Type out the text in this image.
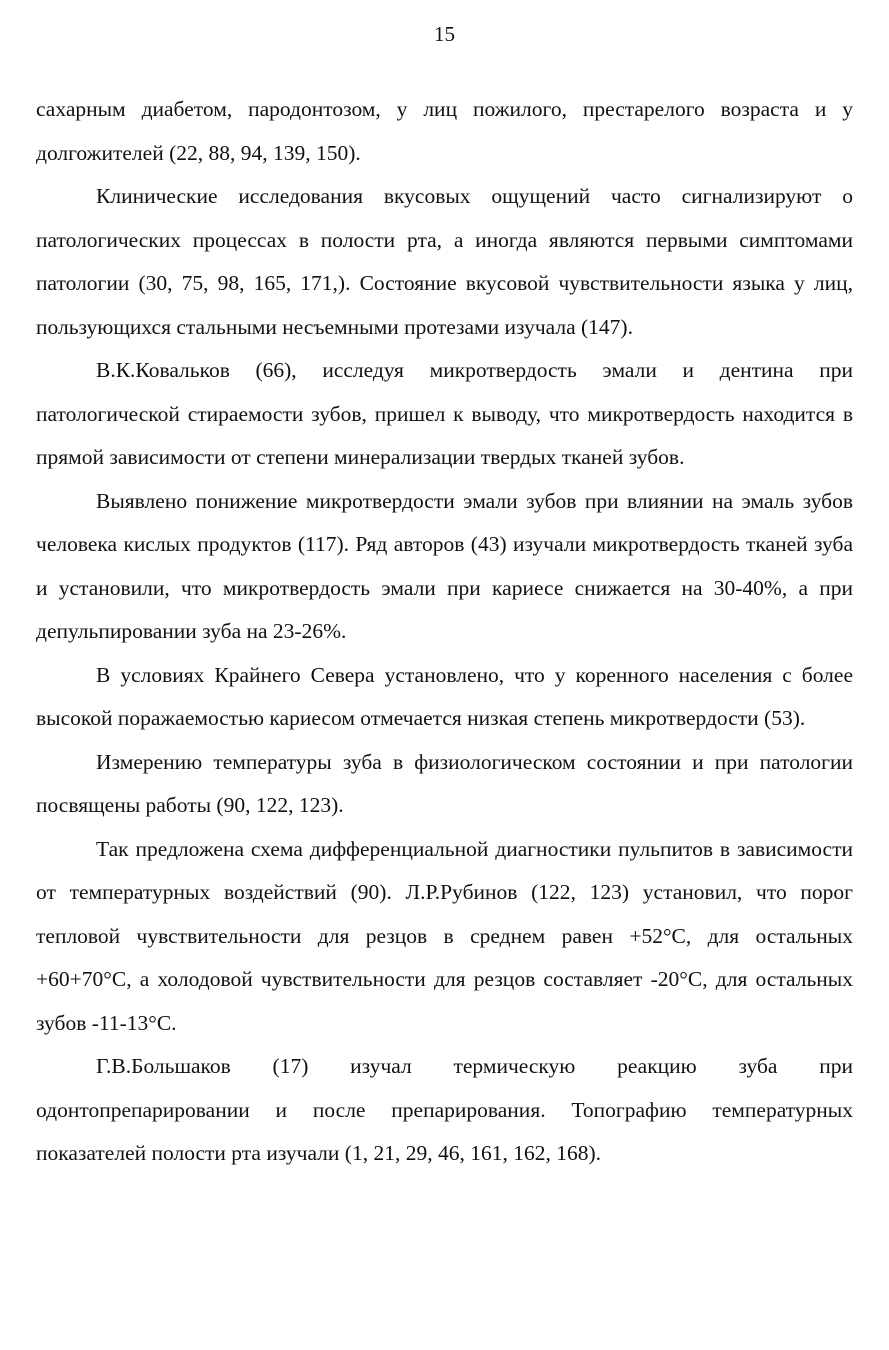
15

сахарным диабетом, пародонтозом, у лиц пожилого, престарелого возраста и у долгожителей (22, 88, 94, 139, 150).

Клинические исследования вкусовых ощущений часто сигнализируют о патологических процессах в полости рта, а иногда являются первыми симптомами патологии (30, 75, 98, 165, 171,). Состояние вкусовой чувствительности языка у лиц, пользующихся стальными несъемными протезами изучала (147).

В.К.Ковальков (66), исследуя микротвердость эмали и дентина при патологической стираемости зубов, пришел к выводу, что микротвердость находится в прямой зависимости от степени минерализации твердых тканей зубов.

Выявлено понижение микротвердости эмали зубов при влиянии на эмаль зубов человека кислых продуктов (117). Ряд авторов (43) изучали микротвердость тканей зуба и установили, что микротвердость эмали при кариесе снижается на 30-40%, а при депульпировании зуба на 23-26%.

В условиях Крайнего Севера установлено, что у коренного населения с более высокой поражаемостью кариесом отмечается низкая степень микротвердости (53).

Измерению температуры зуба в физиологическом состоянии и при патологии посвящены работы (90, 122, 123).

Так предложена схема дифференциальной диагностики пульпитов в зависимости от температурных воздействий (90). Л.Р.Рубинов (122, 123) установил, что порог тепловой чувствительности для резцов в среднем равен +52°С, для остальных +60+70°С, а холодовой чувствительности для резцов составляет -20°С, для остальных зубов -11-13°С.

Г.В.Большаков (17) изучал термическую реакцию зуба при одонтопрепарировании и после препарирования. Топографию температурных показателей полости рта изучали (1, 21, 29, 46, 161, 162, 168).
